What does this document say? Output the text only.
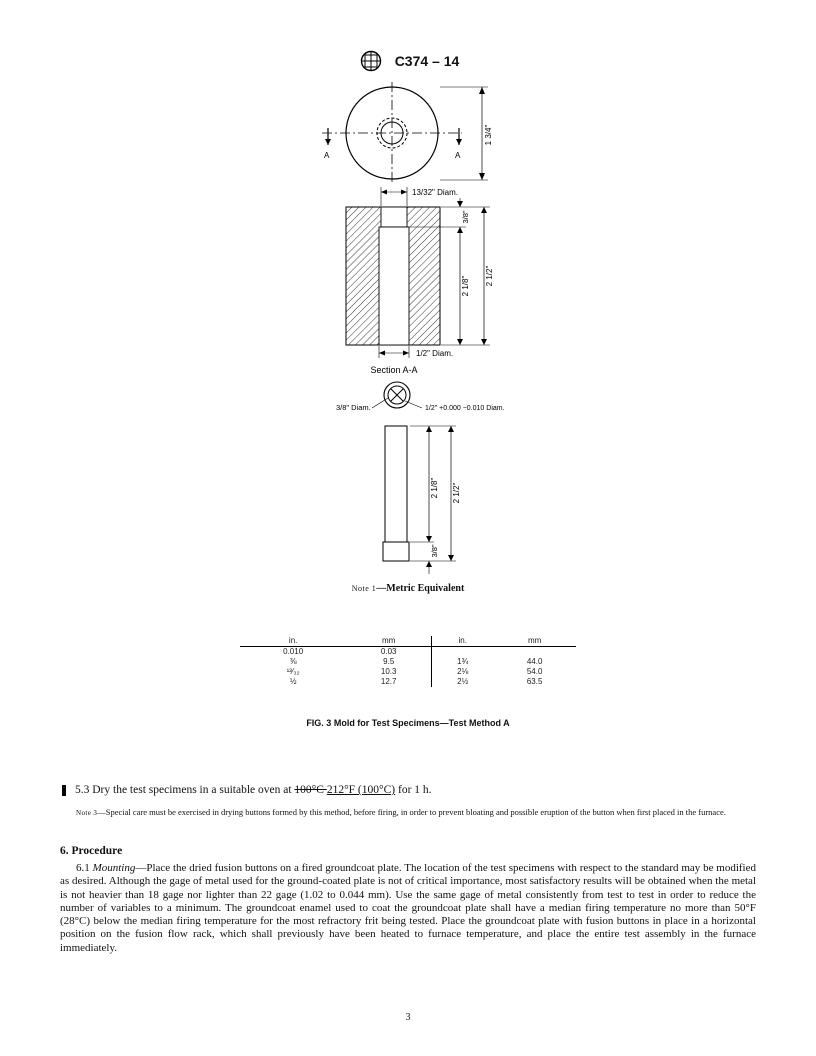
C374 – 14
A	A
1 3/4"
13/32" Diam.
3/8"
2 1/8" 2 1/2"
1/2" Diam.
Section A-A
3/8" Diam.	1/2" +0.000 −0.010 Diam.
2 1/8" 2 1/2"
3/8"
Note 1—Metric Equivalent
in.	mm	in.	mm
0.010	0.03		
⅜	9.5	1¾	44.0
¹³⁄₃₂	10.3	2⅛	54.0
½	12.7	2½	63.5
FIG. 3 Mold for Test Specimens—Test Method A
5.3 Dry the test specimens in a suitable oven at 100°C 212°F (100°C) for 1 h.
Note 3—Special care must be exercised in drying buttons formed by this method, before firing, in order to prevent bloating and possible eruption of the button when first placed in the furnace.
6. Procedure
6.1 Mounting—Place the dried fusion buttons on a fired groundcoat plate. The location of the test specimens with respect to the standard may be modified as desired. Although the gage of metal used for the ground-coated plate is not of critical importance, most satisfactory results will be obtained when the metal is not heavier than 18 gage nor lighter than 22 gage (1.02 to 0.044 mm). Use the same gage of metal consistently from test to test in order to reduce the number of variables to a minimum. The groundcoat enamel used to coat the groundcoat plate shall have a median firing temperature no more than 50°F (28°C) below the median firing temperature for the most refractory frit being tested. Place the groundcoat plate with fusion buttons in place in a horizontal position on the fusion flow rack, which shall previously have been heated to furnace temperature, and place the entire test assembly in the furnace immediately.
3
